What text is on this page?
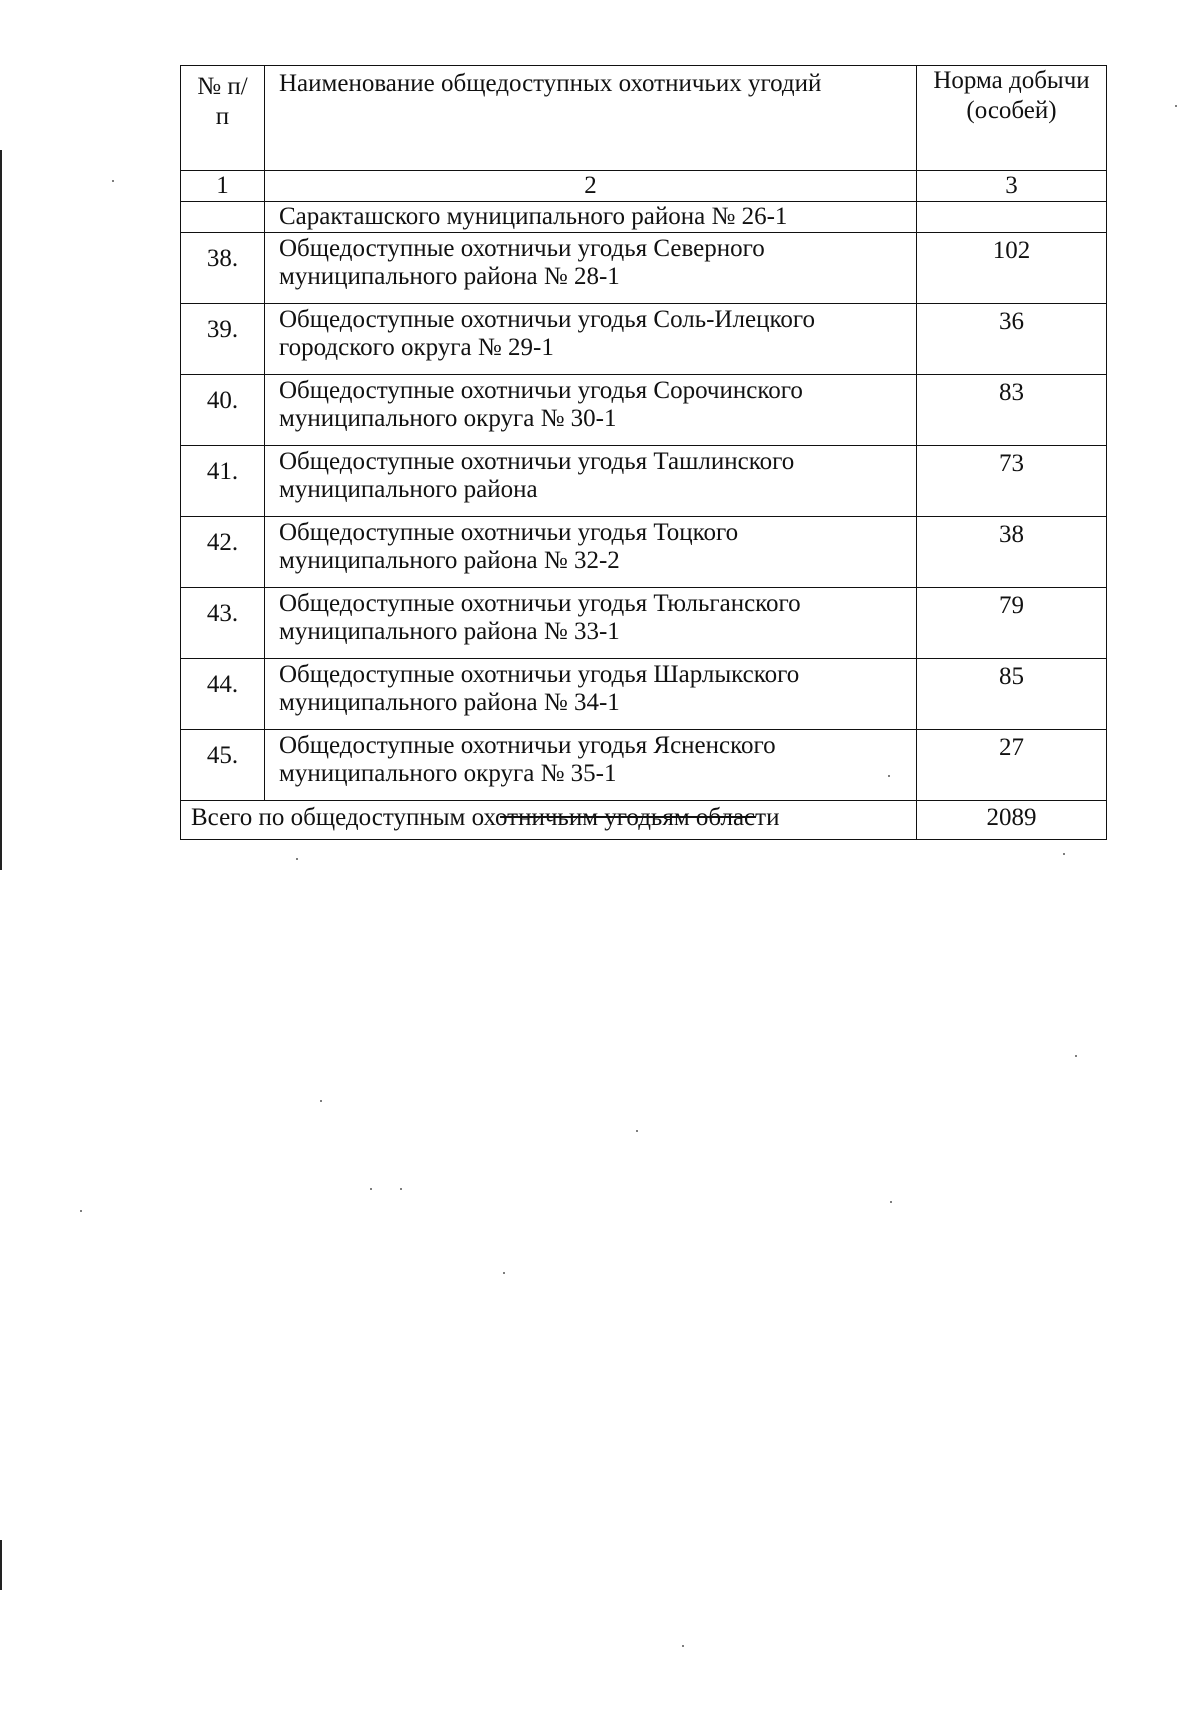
№ п/п	Наименование общедоступных охотничьих угодий	Норма добычи (особей)
1	2	3
	Саракташского муниципального района № 26-1	
38.	Общедоступные охотничьи угодья Северного муниципального района № 28-1	102
39.	Общедоступные охотничьи угодья Соль-Илецкого городского округа № 29-1	36
40.	Общедоступные охотничьи угодья Сорочинского муниципального округа № 30-1	83
41.	Общедоступные охотничьи угодья Ташлинского муниципального района	73
42.	Общедоступные охотничьи угодья Тоцкого муниципального района № 32-2	38
43.	Общедоступные охотничьи угодья Тюльганского муниципального района № 33-1	79
44.	Общедоступные охотничьи угодья Шарлыкского муниципального района № 34-1	85
45.	Общедоступные охотничьи угодья Ясненского муниципального округа № 35-1	27
Всего по общедоступным охотничьим угодьям области		2089
